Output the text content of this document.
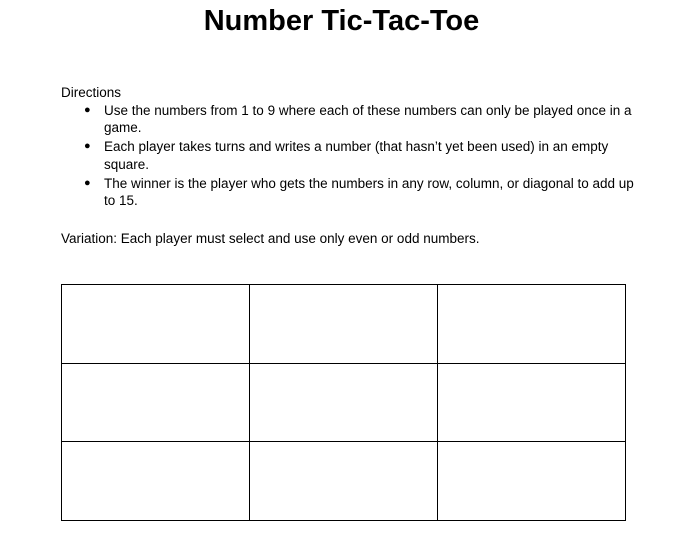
Number Tic-Tac-Toe

Directions

● Use the numbers from 1 to 9 where each of these numbers can only be played once in a game.
● Each player takes turns and writes a number (that hasn’t yet been used) in an empty square.
● The winner is the player who gets the numbers in any row, column, or diagonal to add up to 15.

Variation: Each player must select and use only even or odd numbers.
